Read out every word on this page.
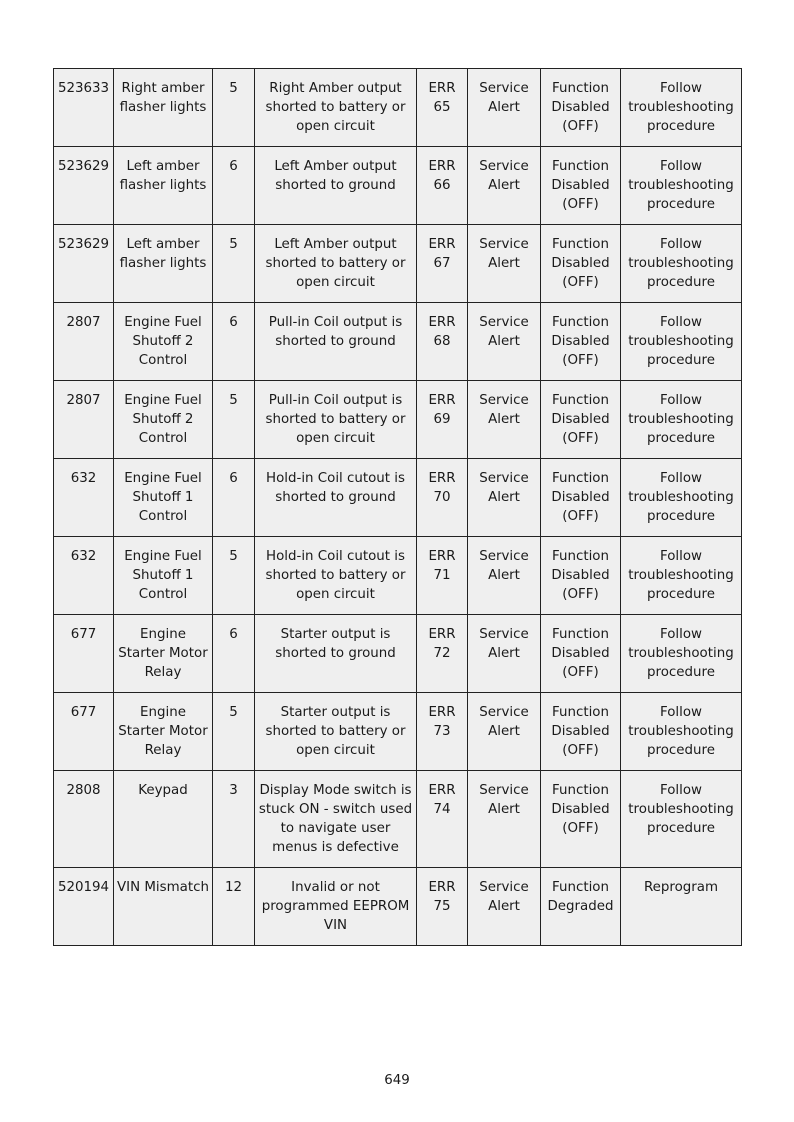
523633	Right amber flasher lights	5	Right Amber output shorted to battery or open circuit	ERR 65	Service Alert	Function Disabled (OFF)	Follow troubleshooting procedure
523629	Left amber flasher lights	6	Left Amber output shorted to ground	ERR 66	Service Alert	Function Disabled (OFF)	Follow troubleshooting procedure
523629	Left amber flasher lights	5	Left Amber output shorted to battery or open circuit	ERR 67	Service Alert	Function Disabled (OFF)	Follow troubleshooting procedure
2807	Engine Fuel Shutoff 2 Control	6	Pull-in Coil output is shorted to ground	ERR 68	Service Alert	Function Disabled (OFF)	Follow troubleshooting procedure
2807	Engine Fuel Shutoff 2 Control	5	Pull-in Coil output is shorted to battery or open circuit	ERR 69	Service Alert	Function Disabled (OFF)	Follow troubleshooting procedure
632	Engine Fuel Shutoff 1 Control	6	Hold-in Coil cutout is shorted to ground	ERR 70	Service Alert	Function Disabled (OFF)	Follow troubleshooting procedure
632	Engine Fuel Shutoff 1 Control	5	Hold-in Coil cutout is shorted to battery or open circuit	ERR 71	Service Alert	Function Disabled (OFF)	Follow troubleshooting procedure
677	Engine Starter Motor Relay	6	Starter output is shorted to ground	ERR 72	Service Alert	Function Disabled (OFF)	Follow troubleshooting procedure
677	Engine Starter Motor Relay	5	Starter output is shorted to battery or open circuit	ERR 73	Service Alert	Function Disabled (OFF)	Follow troubleshooting procedure
2808	Keypad	3	Display Mode switch is stuck ON - switch used to navigate user menus is defective	ERR 74	Service Alert	Function Disabled (OFF)	Follow troubleshooting procedure
520194	VIN Mismatch	12	Invalid or not programmed EEPROM VIN	ERR 75	Service Alert	Function Degraded	Reprogram
649
